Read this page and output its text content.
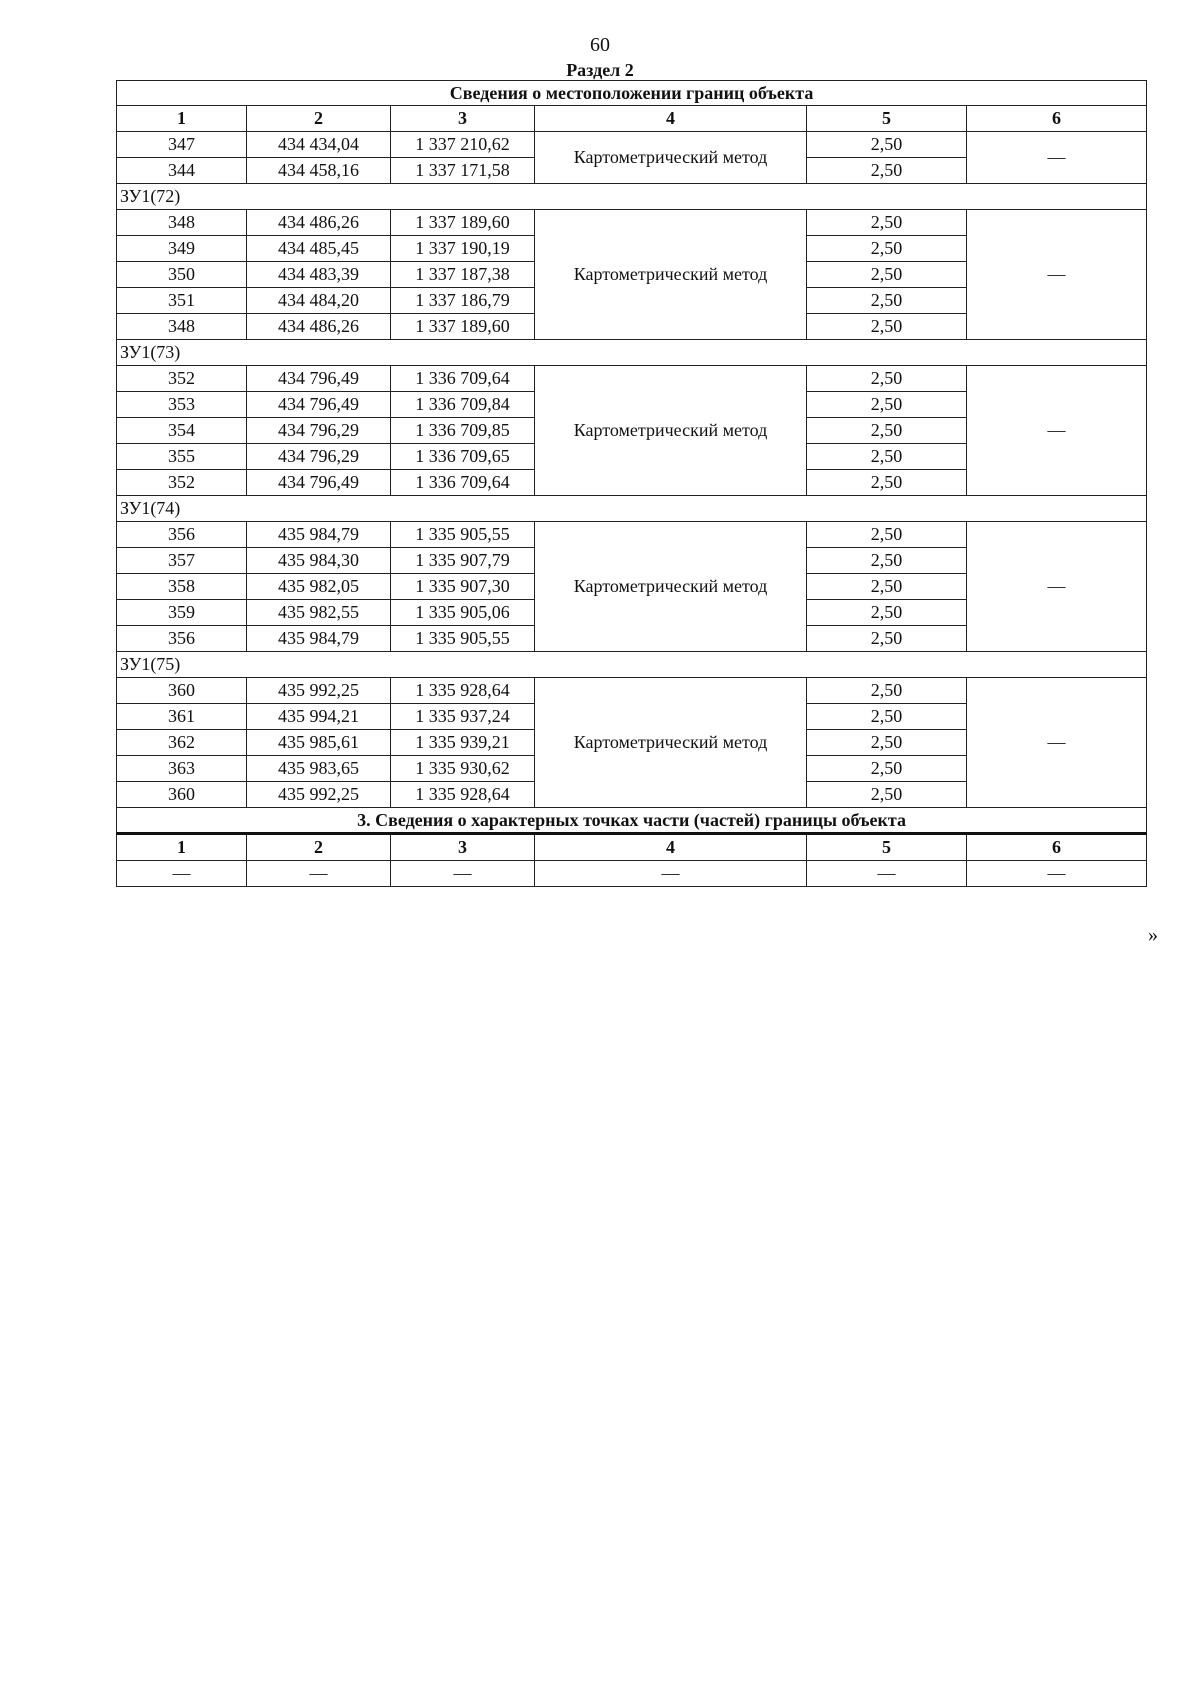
60
Раздел 2
Сведения о местоположении границ объекта					
1	2	3	4	5	6
347	434 434,04	1 337 210,62	Картометрический метод	2,50	—
344	434 458,16	1 337 171,58		2,50	
ЗУ1(72)					
348	434 486,26	1 337 189,60	Картометрический метод	2,50	—
349	434 485,45	1 337 190,19		2,50	
350	434 483,39	1 337 187,38		2,50	
351	434 484,20	1 337 186,79		2,50	
348	434 486,26	1 337 189,60		2,50	
ЗУ1(73)					
352	434 796,49	1 336 709,64	Картометрический метод	2,50	—
353	434 796,49	1 336 709,84		2,50	
354	434 796,29	1 336 709,85		2,50	
355	434 796,29	1 336 709,65		2,50	
352	434 796,49	1 336 709,64		2,50	
ЗУ1(74)					
356	435 984,79	1 335 905,55	Картометрический метод	2,50	—
357	435 984,30	1 335 907,79		2,50	
358	435 982,05	1 335 907,30		2,50	
359	435 982,55	1 335 905,06		2,50	
356	435 984,79	1 335 905,55		2,50	
ЗУ1(75)					
360	435 992,25	1 335 928,64	Картометрический метод	2,50	—
361	435 994,21	1 335 937,24		2,50	
362	435 985,61	1 335 939,21		2,50	
363	435 983,65	1 335 930,62		2,50	
360	435 992,25	1 335 928,64		2,50	
3. Сведения о характерных точках части (частей) границы объекта					
1	2	3	4	5	6
—	—	—	—	—	—
»
